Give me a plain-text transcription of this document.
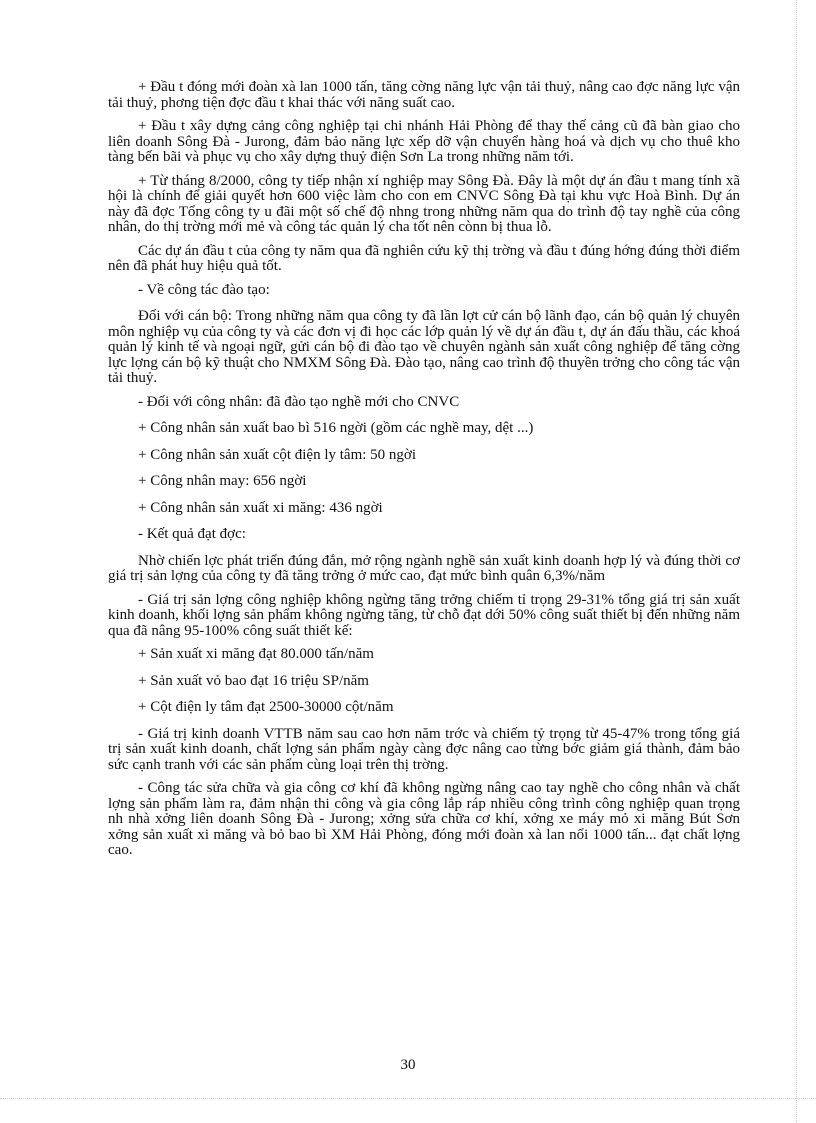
+ Đầu t đóng mới đoàn xà lan 1000 tấn, tăng cờng năng lực vận tải thuỷ, nâng cao đợc năng lực vận tải thuỷ, phơng tiện đợc đầu t khai thác với năng suất cao.

+ Đầu t xây dựng cảng công nghiệp tại chi nhánh Hải Phòng để thay thế cảng cũ đã bàn giao cho liên doanh Sông Đà - Jurong, đảm bảo năng lực xếp dỡ vận chuyển hàng hoá và dịch vụ cho thuê kho tàng bến bãi và phục vụ cho xây dựng thuỷ điện Sơn La trong những năm tới.

+ Từ tháng 8/2000, công ty tiếp nhận xí nghiệp may Sông Đà. Đây là một dự án đầu t mang tính xã hội là chính để giải quyết hơn 600 việc làm cho con em CNVC Sông Đà tại khu vực Hoà Bình. Dự án này đã đợc Tổng công ty u đãi một số chế độ nhng trong những năm qua do trình độ tay nghề của công nhân, do thị trờng mới mẻ và công tác quản lý cha tốt nên cònn bị thua lỗ.

Các dự án đầu t của công ty năm qua đã nghiên cứu kỹ thị trờng và đầu t đúng hớng đúng thời điểm nên đã phát huy hiệu quả tốt.

- Về công tác đào tạo:

Đối với cán bộ: Trong những năm qua công ty đã lần lợt cử cán bộ lãnh đạo, cán bộ quản lý chuyên môn nghiệp vụ của công ty và các đơn vị đi học các lớp quản lý về dự án đầu t, dự án đấu thầu, các khoá quản lý kinh tế và ngoại ngữ, gửi cán bộ đi đào tạo về chuyên ngành sản xuất công nghiệp để tăng cờng lực lợng cán bộ kỹ thuật cho NMXM Sông Đà. Đào tạo, nâng cao trình độ thuyền trởng cho công tác vận tải thuỷ.

- Đối với công nhân: đã đào tạo nghề mới cho CNVC

+ Công nhân sản xuất bao bì 516 ngời (gồm các nghề may, dệt ...)

+ Công nhân sản xuất cột điện ly tâm: 50 ngời

+ Công nhân may: 656 ngời

+ Công nhân sản xuất xi măng: 436 ngời

- Kết quả đạt đợc:

Nhờ chiến lợc phát triển đúng đắn, mở rộng ngành nghề sản xuất kinh doanh hợp lý và đúng thời cơ giá trị sản lợng của công ty đã tăng trởng ở mức cao, đạt mức bình quân 6,3%/năm

- Giá trị sản lợng công nghiệp không ngừng tăng trởng chiếm tỉ trọng 29-31% tổng giá trị sản xuất kinh doanh, khối lợng sản phẩm không ngừng tăng, từ chỗ đạt dới 50% công suất thiết bị đến những năm qua đã nâng 95-100% công suất thiết kế:

+ Sản xuất xi măng đạt 80.000 tấn/năm

+ Sản xuất vỏ bao đạt 16 triệu SP/năm

+ Cột điện ly tâm đạt 2500-30000 cột/năm

- Giá trị kinh doanh VTTB năm sau cao hơn năm trớc và chiếm tỷ trọng từ 45-47% trong tổng giá trị sản xuất kinh doanh, chất lợng sản phẩm ngày càng đợc nâng cao từng bớc giảm giá thành, đảm bảo sức cạnh tranh với các sản phẩm cùng loại trên thị trờng.

- Công tác sửa chữa và gia công cơ khí đã không ngừng nâng cao tay nghề cho công nhân và chất lợng sản phẩm làm ra, đảm nhận thi công và gia công lắp ráp nhiều công trình công nghiệp quan trọng nh nhà xởng liên doanh Sông Đà - Jurong; xởng sửa chữa cơ khí, xởng xe máy mỏ xi măng Bút Sơn xởng sản xuất xi măng và bỏ bao bì XM Hải Phòng, đóng mới đoàn xà lan nổi 1000 tấn... đạt chất lợng cao.

30
